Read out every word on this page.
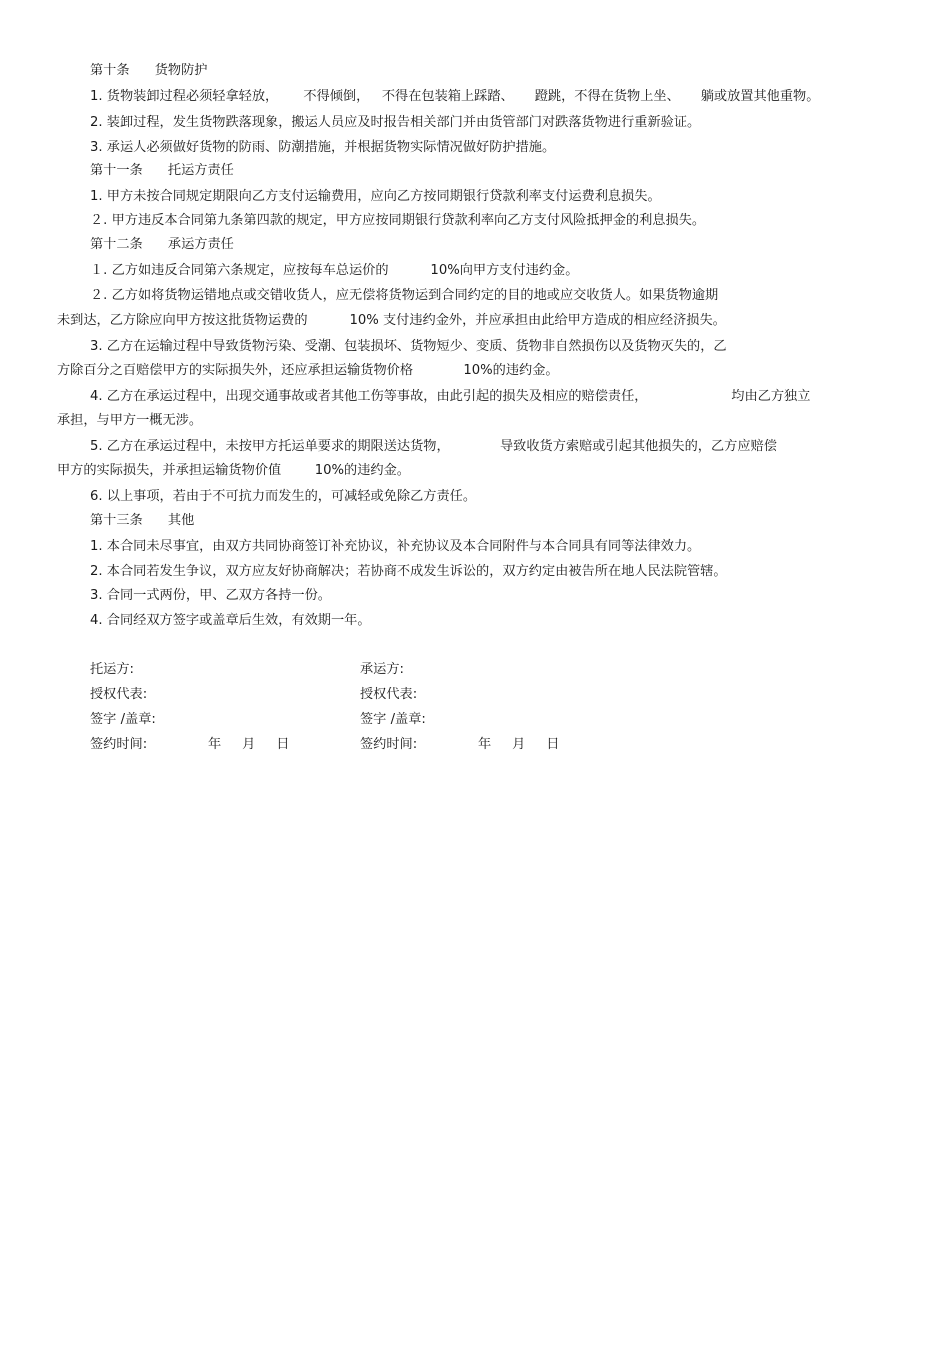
第十条      货物防护
1. 货物装卸过程必须轻拿轻放，      不得倾倒，   不得在包装箱上踩踏、     蹬跳，不得在货物上坐、     躺或放置其他重物。
2. 装卸过程，发生货物跌落现象，搬运人员应及时报告相关部门并由货管部门对跌落货物进行重新验证。
3. 承运人必须做好货物的防雨、防潮措施，并根据货物实际情况做好防护措施。
第十一条      托运方责任
1. 甲方未按合同规定期限向乙方支付运输费用，应向乙方按同期银行贷款利率支付运费利息损失。
２. 甲方违反本合同第九条第四款的规定，甲方应按同期银行贷款利率向乙方支付风险抵押金的利息损失。
第十二条      承运方责任
１. 乙方如违反合同第六条规定，应按每车总运价的          10%向甲方支付违约金。
２. 乙方如将货物运错地点或交错收货人，应无偿将货物运到合同约定的目的地或应交收货人。如果货物逾期
未到达，乙方除应向甲方按这批货物运费的          10% 支付违约金外，并应承担由此给甲方造成的相应经济损失。
3. 乙方在运输过程中导致货物污染、受潮、包装损坏、货物短少、变质、货物非自然损伤以及货物灭失的，乙
方除百分之百赔偿甲方的实际损失外，还应承担运输货物价格            10%的违约金。
4. 乙方在承运过程中，出现交通事故或者其他工伤等事故，由此引起的损失及相应的赔偿责任，                    均由乙方独立
承担，与甲方一概无涉。
5. 乙方在承运过程中，未按甲方托运单要求的期限送达货物，            导致收货方索赔或引起其他损失的，乙方应赔偿
甲方的实际损失，并承担运输货物价值        10%的违约金。
6. 以上事项，若由于不可抗力而发生的，可减轻或免除乙方责任。
第十三条      其他
1. 本合同未尽事宜，由双方共同协商签订补充协议，补充协议及本合同附件与本合同具有同等法律效力。
2. 本合同若发生争议，双方应友好协商解决；若协商不成发生诉讼的，双方约定由被告所在地人民法院管辖。
3. 合同一式两份，甲、乙双方各持一份。
4. 合同经双方签字或盖章后生效，有效期一年。
托运方:
授权代表:
签字 /盖章:
签约时间:	年     月     日
承运方:
授权代表:
签字 /盖章:
签约时间:	年     月     日
